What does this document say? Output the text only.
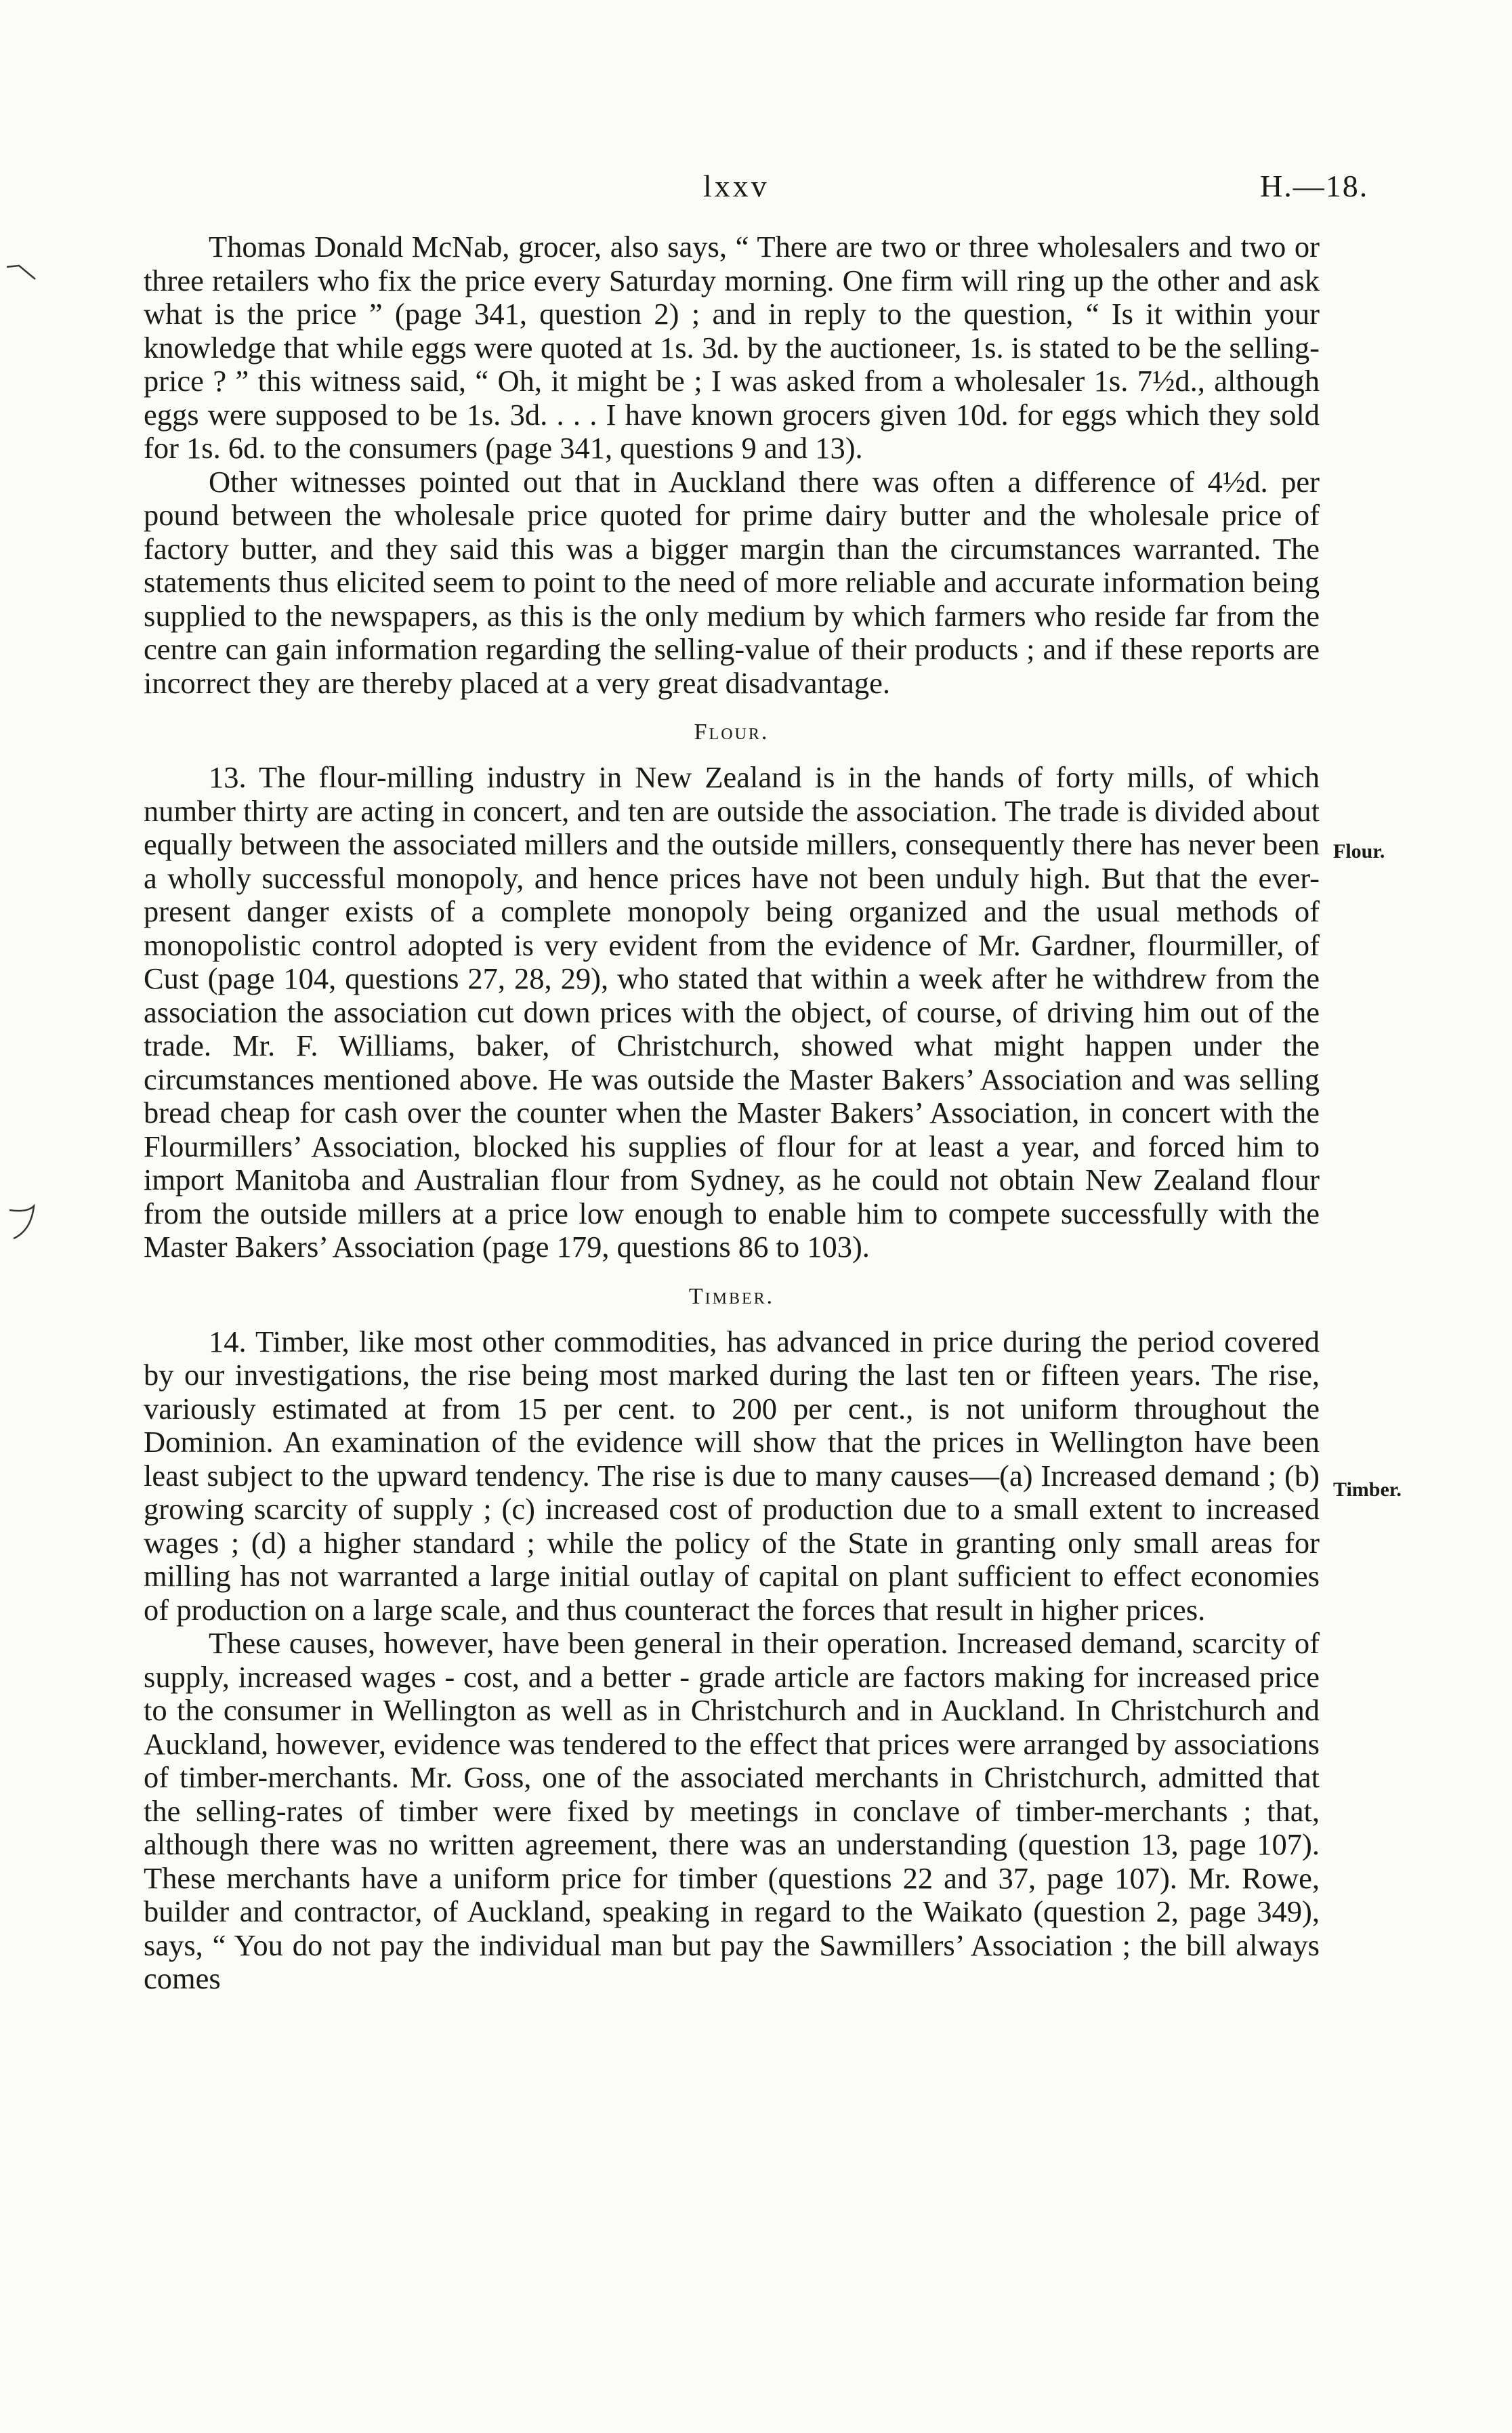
lxxv	H.—18.

Thomas Donald McNab, grocer, also says, “ There are two or three wholesalers and two or three retailers who fix the price every Saturday morning. One firm will ring up the other and ask what is the price ” (page 341, question 2) ; and in reply to the question, “ Is it within your knowledge that while eggs were quoted at 1s. 3d. by the auctioneer, 1s. is stated to be the selling-price ? ” this witness said, “ Oh, it might be ; I was asked from a wholesaler 1s. 7½d., although eggs were supposed to be 1s. 3d. . . . I have known grocers given 10d. for eggs which they sold for 1s. 6d. to the consumers (page 341, questions 9 and 13).

Other witnesses pointed out that in Auckland there was often a difference of 4½d. per pound between the wholesale price quoted for prime dairy butter and the wholesale price of factory butter, and they said this was a bigger margin than the circumstances warranted. The statements thus elicited seem to point to the need of more reliable and accurate information being supplied to the newspapers, as this is the only medium by which farmers who reside far from the centre can gain information regarding the selling-value of their products ; and if these reports are incorrect they are thereby placed at a very great disadvantage.

Flour.

13. The flour-milling industry in New Zealand is in the hands of forty mills, of which number thirty are acting in concert, and ten are outside the association. The trade is divided about equally between the associated millers and the outside millers, consequently there has never been a wholly successful monopoly, and hence prices have not been unduly high. But that the ever-present danger exists of a complete monopoly being organized and the usual methods of monopolistic control adopted is very evident from the evidence of Mr. Gardner, flourmiller, of Cust (page 104, questions 27, 28, 29), who stated that within a week after he withdrew from the association the association cut down prices with the object, of course, of driving him out of the trade. Mr. F. Williams, baker, of Christchurch, showed what might happen under the circumstances mentioned above. He was outside the Master Bakers’ Association and was selling bread cheap for cash over the counter when the Master Bakers’ Association, in concert with the Flourmillers’ Association, blocked his supplies of flour for at least a year, and forced him to import Manitoba and Australian flour from Sydney, as he could not obtain New Zealand flour from the outside millers at a price low enough to enable him to compete successfully with the Master Bakers’ Association (page 179, questions 86 to 103).

Timber.

14. Timber, like most other commodities, has advanced in price during the period covered by our investigations, the rise being most marked during the last ten or fifteen years. The rise, variously estimated at from 15 per cent. to 200 per cent., is not uniform throughout the Dominion. An examination of the evidence will show that the prices in Wellington have been least subject to the upward tendency. The rise is due to many causes—(a) Increased demand ; (b) growing scarcity of supply ; (c) increased cost of production due to a small extent to increased wages ; (d) a higher standard ; while the policy of the State in granting only small areas for milling has not warranted a large initial outlay of capital on plant sufficient to effect economies of production on a large scale, and thus counteract the forces that result in higher prices.

These causes, however, have been general in their operation. Increased demand, scarcity of supply, increased wages - cost, and a better - grade article are factors making for increased price to the consumer in Wellington as well as in Christchurch and in Auckland. In Christchurch and Auckland, however, evidence was tendered to the effect that prices were arranged by associations of timber-merchants. Mr. Goss, one of the associated merchants in Christchurch, admitted that the selling-rates of timber were fixed by meetings in conclave of timber-merchants ; that, although there was no written agreement, there was an understanding (question 13, page 107). These merchants have a uniform price for timber (questions 22 and 37, page 107). Mr. Rowe, builder and contractor, of Auckland, speaking in regard to the Waikato (question 2, page 349), says, “ You do not pay the individual man but pay the Sawmillers’ Association ; the bill always comes

Flour.
Timber.
